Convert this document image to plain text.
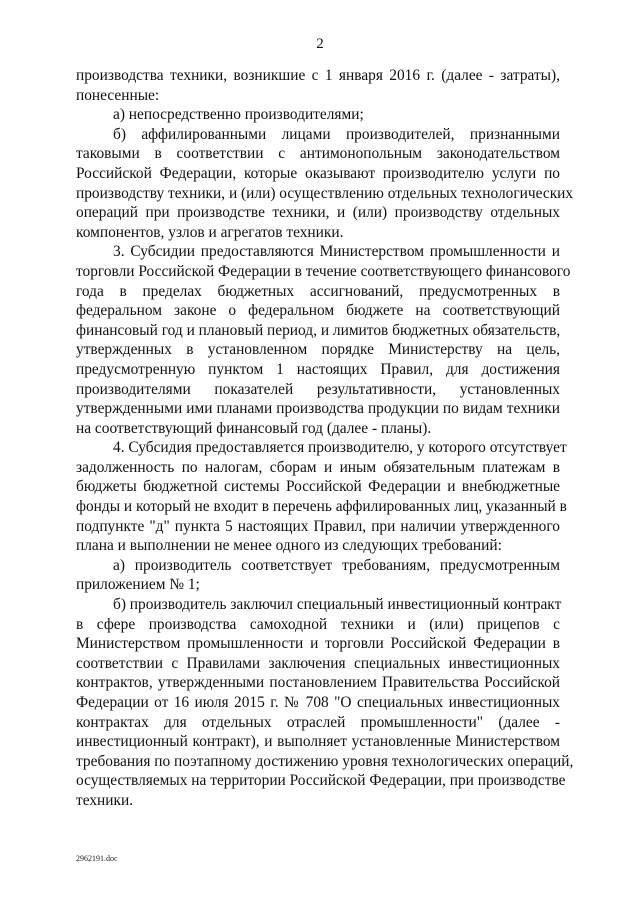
2
производства техники, возникшие с 1 января 2016 г. (далее - затраты),
понесенные:
а) непосредственно производителями;
б) аффилированными лицами производителей, признанными
таковыми в соответствии с антимонопольным законодательством
Российской Федерации, которые оказывают производителю услуги по
производству техники, и (или) осуществлению отдельных технологических
операций при производстве техники, и (или) производству отдельных
компонентов, узлов и агрегатов техники.
3. Субсидии предоставляются Министерством промышленности и
торговли Российской Федерации в течение соответствующего финансового
года в пределах бюджетных ассигнований, предусмотренных в
федеральном законе о федеральном бюджете на соответствующий
финансовый год и плановый период, и лимитов бюджетных обязательств,
утвержденных в установленном порядке Министерству на цель,
предусмотренную пунктом 1 настоящих Правил, для достижения
производителями показателей результативности, установленных
утвержденными ими планами производства продукции по видам техники
на соответствующий финансовый год (далее - планы).
4. Субсидия предоставляется производителю, у которого отсутствует
задолженность по налогам, сборам и иным обязательным платежам в
бюджеты бюджетной системы Российской Федерации и внебюджетные
фонды и который не входит в перечень аффилированных лиц, указанный в
подпункте "д" пункта 5 настоящих Правил, при наличии утвержденного
плана и выполнении не менее одного из следующих требований:
а) производитель соответствует требованиям, предусмотренным
приложением № 1;
б) производитель заключил специальный инвестиционный контракт
в сфере производства самоходной техники и (или) прицепов с
Министерством промышленности и торговли Российской Федерации в
соответствии с Правилами заключения специальных инвестиционных
контрактов, утвержденными постановлением Правительства Российской
Федерации от 16 июля 2015 г. № 708 "О специальных инвестиционных
контрактах для отдельных отраслей промышленности" (далее -
инвестиционный контракт), и выполняет установленные Министерством
требования по поэтапному достижению уровня технологических операций,
осуществляемых на территории Российской Федерации, при производстве
техники.
2962191.doc
